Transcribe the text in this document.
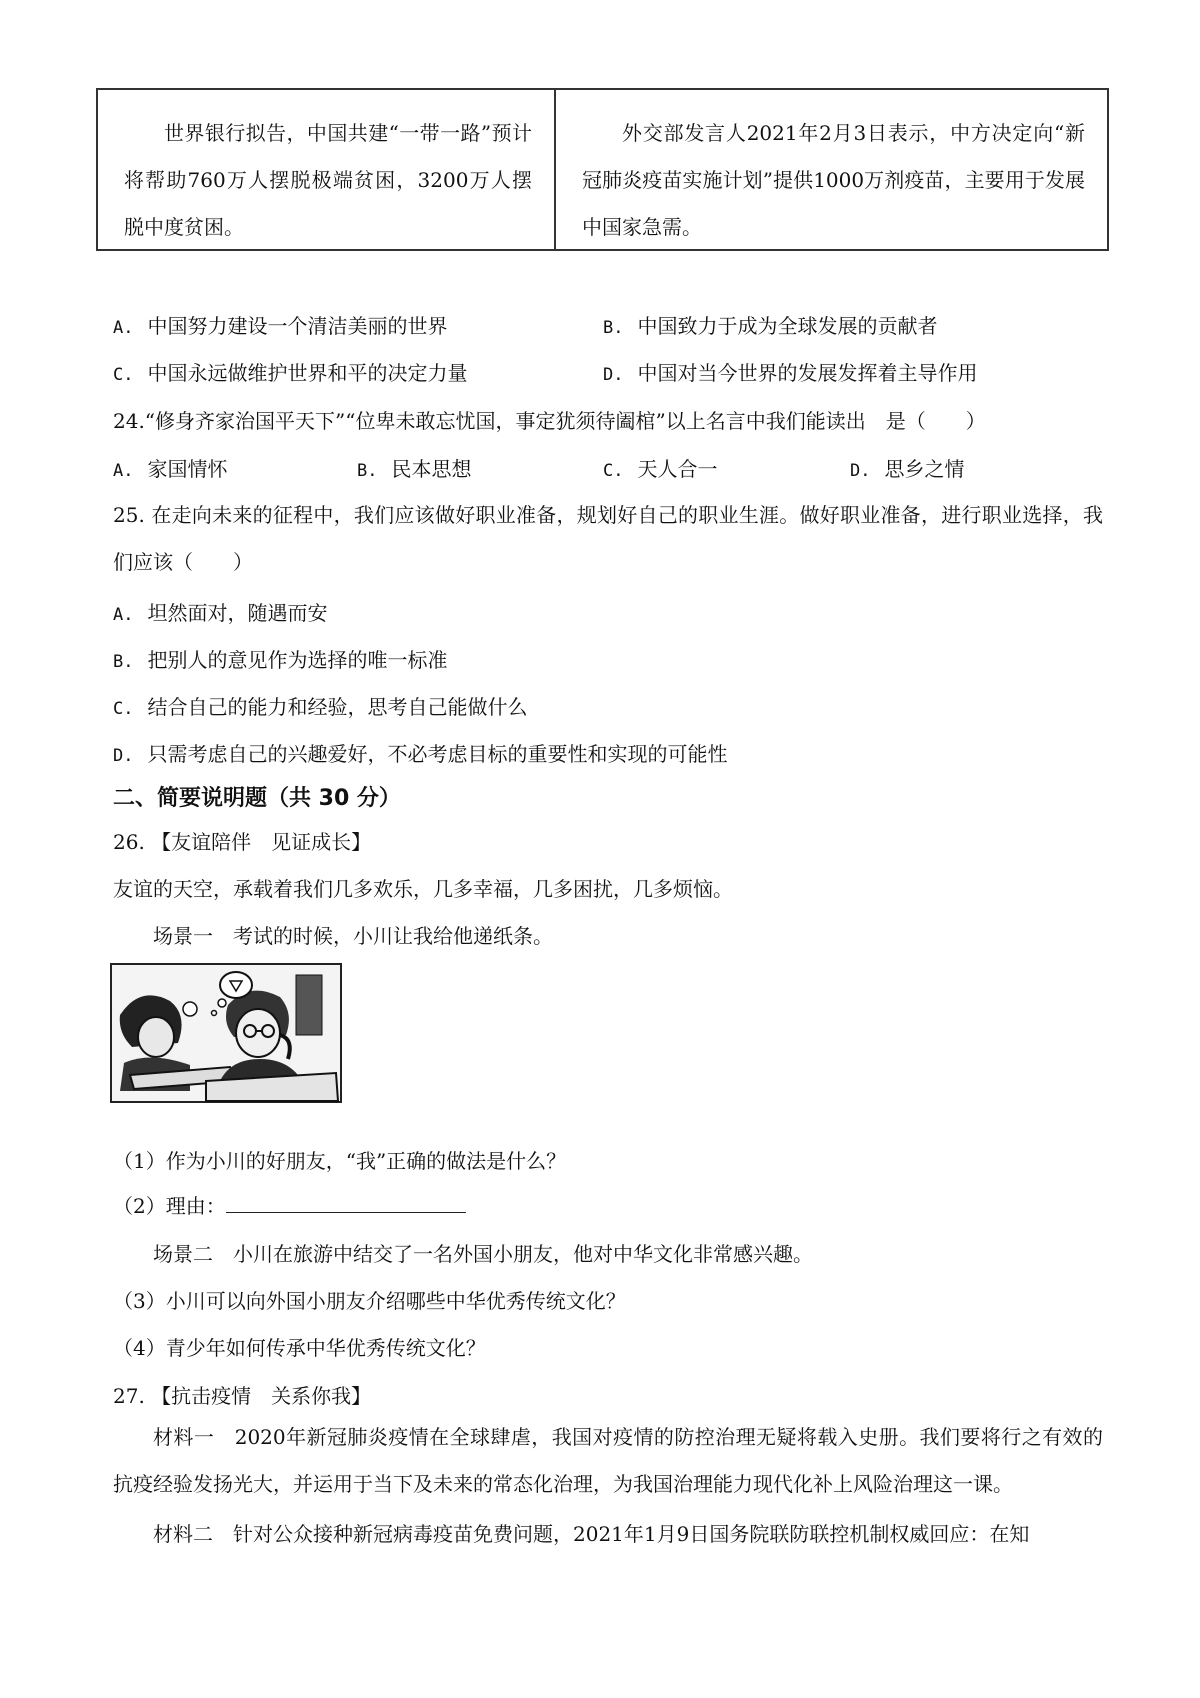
世界银行拟告，中国共建“一带一路”预计将帮助760万人摆脱极端贫困，3200万人摆脱中度贫困。
外交部发言人2021年2月3日表示，中方决定向“新冠肺炎疫苗实施计划”提供1000万剂疫苗，主要用于发展中国家急需。
A. 中国努力建设一个清洁美丽的世界	B. 中国致力于成为全球发展的贡献者
C. 中国永远做维护世界和平的决定力量	D. 中国对当今世界的发展发挥着主导作用
24.“修身齐家治国平天下”“位卑未敢忘忧国，事定犹须待阖棺”以上名言中我们能读出　是（　　）
A. 家国情怀	B. 民本思想	C. 天人合一	D. 思乡之情
25. 在走向未来的征程中，我们应该做好职业准备，规划好自己的职业生涯。做好职业准备，进行职业选择，我们应该（　　）
A. 坦然面对，随遇而安
B. 把别人的意见作为选择的唯一标准
C. 结合自己的能力和经验，思考自己能做什么
D. 只需考虑自己的兴趣爱好，不必考虑目标的重要性和实现的可能性
二、简要说明题（共 30 分）
26. 【友谊陪伴　见证成长】
友谊的天空，承载着我们几多欢乐，几多幸福，几多困扰，几多烦恼。
场景一　考试的时候，小川让我给他递纸条。
（1）作为小川的好朋友，“我”正确的做法是什么？
（2）理由：
场景二　小川在旅游中结交了一名外国小朋友，他对中华文化非常感兴趣。
（3）小川可以向外国小朋友介绍哪些中华优秀传统文化？
（4）青少年如何传承中华优秀传统文化？
27. 【抗击疫情　关系你我】
材料一　2020年新冠肺炎疫情在全球肆虐，我国对疫情的防控治理无疑将载入史册。我们要将行之有效的抗疫经验发扬光大，并运用于当下及未来的常态化治理，为我国治理能力现代化补上风险治理这一课。
材料二　针对公众接种新冠病毒疫苗免费问题，2021年1月9日国务院联防联控机制权威回应：在知
